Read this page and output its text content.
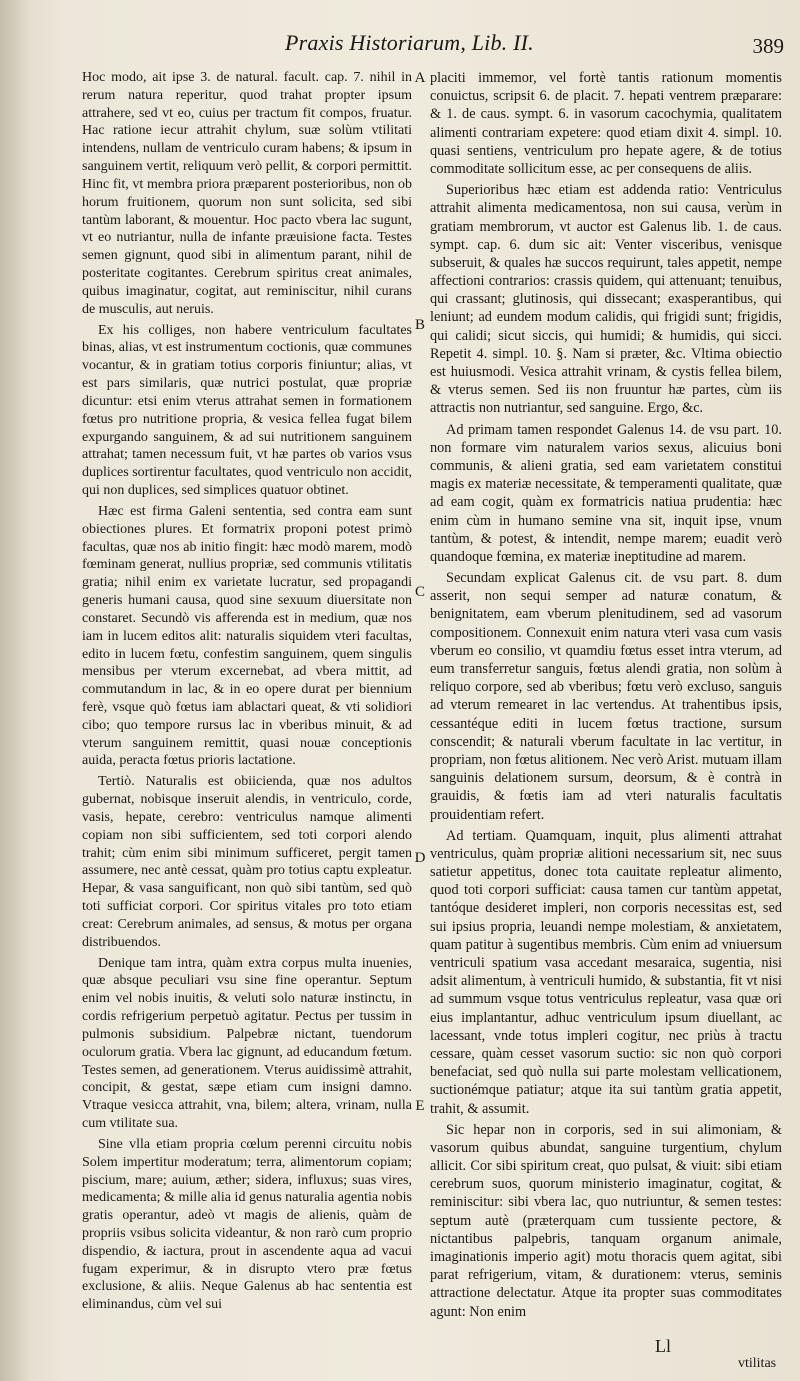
Praxis Historiarum, Lib. II.	389

Hoc modo, ait ipse 3. de natural. facult. cap. 7. nihil in rerum natura reperitur, quod trahat propter ipsum attrahere, sed vt eo, cuius per tractum fit compos, fruatur. Hac ratione iecur attrahit chylum, suæ solùm vtilitati intendens, nullam de ventriculo curam habens; & ipsum in sanguinem vertit, reliquum verò pellit, & corpori permittit. Hinc fit, vt membra priora præparent posterioribus, non ob horum fruitionem, quorum non sunt solicita, sed sibi tantùm laborant, & mouentur. Hoc pacto vbera lac sugunt, vt eo nutriantur, nulla de infante præuisione facta. Testes semen gignunt, quod sibi in alimentum parant, nihil de posteritate cogitantes. Cerebrum spiritus creat animales, quibus imaginatur, cogitat, aut reminiscitur, nihil curans de musculis, aut neruis.

Ex his colliges, non habere ventriculum facultates binas, alias, vt est instrumentum coctionis, quæ communes vocantur, & in gratiam totius corporis finiuntur; alias, vt est pars similaris, quæ nutrici postulat, quæ propriæ dicuntur: etsi enim vterus attrahat semen in formationem fœtus pro nutritione propria, & vesica fellea fugat bilem expurgando sanguinem, & ad sui nutritionem sanguinem attrahat; tamen necessum fuit, vt hæ partes ob varios vsus duplices sortirentur facultates, quod ventriculo non accidit, qui non duplices, sed simplices quatuor obtinet.

Hæc est firma Galeni sententia, sed contra eam sunt obiectiones plures. Et formatrix proponi potest primò facultas, quæ nos ab initio fingit: hæc modò marem, modò fœminam generat, nullius propriæ, sed communis vtilitatis gratia; nihil enim ex varietate lucratur, sed propagandi generis humani causa, quod sine sexuum diuersitate non constaret. Secundò vis afferenda est in medium, quæ nos iam in lucem editos alit: naturalis siquidem vteri facultas, edito in lucem fœtu, confestim sanguinem, quem singulis mensibus per vterum excernebat, ad vbera mittit, ad commutandum in lac, & in eo opere durat per biennium ferè, vsque quò fœtus iam ablactari queat, & vti solidiori cibo; quo tempore rursus lac in vberibus minuit, & ad vterum sanguinem remittit, quasi nouæ conceptionis auida, peracta fœtus prioris lactatione.

Tertiò. Naturalis est obiicienda, quæ nos adultos gubernat, nobisque inseruit alendis, in ventriculo, corde, vasis, hepate, cerebro: ventriculus namque alimenti copiam non sibi sufficientem, sed toti corpori alendo trahit; cùm enim sibi minimum sufficeret, pergit tamen assumere, nec antè cessat, quàm pro totius captu expleatur. Hepar, & vasa sanguificant, non quò sibi tantùm, sed quò toti sufficiat corpori. Cor spiritus vitales pro toto etiam creat: Cerebrum animales, ad sensus, & motus per organa distribuendos.

Denique tam intra, quàm extra corpus multa inuenies, quæ absque peculiari vsu sine fine operantur. Septum enim vel nobis inuitis, & veluti solo naturæ instinctu, in cordis refrigerium perpetuò agitatur. Pectus per tussim in pulmonis subsidium. Palpebræ nictant, tuendorum oculorum gratia. Vbera lac gignunt, ad educandum fœtum. Testes semen, ad generationem. Vterus auidissimè attrahit, concipit, & gestat, sæpe etiam cum insigni damno. Vtraque vesicca attrahit, vna, bilem; altera, vrinam, nulla cum vtilitate sua.

Sine vlla etiam propria cœlum perenni circuitu nobis Solem impertitur moderatum; terra, alimentorum copiam; piscium, mare; auium, æther; sidera, influxus; suas vires, medicamenta; & mille alia id genus naturalia agentia nobis gratis operantur, adeò vt magis de alienis, quàm de propriis vsibus solicita videantur, & non rarò cum proprio dispendio, & iactura, prout in ascendente aqua ad vacui fugam experimur, & in disrupto vtero præ fœtus exclusione, & aliis. Neque Galenus ab hac sententia est eliminandus, cùm vel sui

A
B
C
D
E

placiti immemor, vel fortè tantis rationum momentis conuictus, scripsit 6. de placit. 7. hepati ventrem præparare: & 1. de caus. sympt. 6. in vasorum cacochymia, qualitatem alimenti contrariam expetere: quod etiam dixit 4. simpl. 10. quasi sentiens, ventriculum pro hepate agere, & de totius commoditate sollicitum esse, ac per consequens de aliis.

Superioribus hæc etiam est addenda ratio: Ventriculus attrahit alimenta medicamentosa, non sui causa, verùm in gratiam membrorum, vt auctor est Galenus lib. 1. de caus. sympt. cap. 6. dum sic ait: Venter visceribus, venisque subseruit, & quales hæ succos requirunt, tales appetit, nempe affectioni contrarios: crassis quidem, qui attenuant; tenuibus, qui crassant; glutinosis, qui dissecant; exasperantibus, qui leniunt; ad eundem modum calidis, qui frigidi sunt; frigidis, qui calidi; sicut siccis, qui humidi; & humidis, qui sicci. Repetit 4. simpl. 10. §. Nam si præter, &c. Vltima obiectio est huiusmodi. Vesica attrahit vrinam, & cystis fellea bilem, & vterus semen. Sed iis non fruuntur hæ partes, cùm iis attractis non nutriantur, sed sanguine. Ergo, &c.

Ad primam tamen respondet Galenus 14. de vsu part. 10. non formare vim naturalem varios sexus, alicuius boni communis, & alieni gratia, sed eam varietatem constitui magis ex materiæ necessitate, & temperamenti qualitate, quæ ad eam cogit, quàm ex formatricis natiua prudentia: hæc enim cùm in humano semine vna sit, inquit ipse, vnum tantùm, & potest, & intendit, nempe marem; euadit verò quandoque fœmina, ex materiæ ineptitudine ad marem.

Secundam explicat Galenus cit. de vsu part. 8. dum asserit, non sequi semper ad naturæ conatum, & benignitatem, eam vberum plenitudinem, sed ad vasorum compositionem. Connexuit enim natura vteri vasa cum vasis vberum eo consilio, vt quamdiu fœtus esset intra vterum, ad eum transferretur sanguis, fœtus alendi gratia, non solùm à reliquo corpore, sed ab vberibus; fœtu verò excluso, sanguis ad vterum remearet in lac vertendus. At trahentibus ipsis, cessantéque editi in lucem fœtus tractione, sursum conscendit; & naturali vberum facultate in lac vertitur, in propriam, non fœtus alitionem. Nec verò Arist. mutuam illam sanguinis delationem sursum, deorsum, & è contrà in grauidis, & fœtis iam ad vteri naturalis facultatis prouidentiam refert.

Ad tertiam. Quamquam, inquit, plus alimenti attrahat ventriculus, quàm propriæ alitioni necessarium sit, nec suus satietur appetitus, donec tota cauitate repleatur alimento, quod toti corpori sufficiat: causa tamen cur tantùm appetat, tantóque desideret impleri, non corporis necessitas est, sed sui ipsius propria, leuandi nempe molestiam, & anxietatem, quam patitur à sugentibus membris. Cùm enim ad vniuersum ventriculi spatium vasa accedant mesaraica, sugentia, nisi adsit alimentum, à ventriculi humido, & substantia, fit vt nisi ad summum vsque totus ventriculus repleatur, vasa quæ ori eius implantantur, adhuc ventriculum ipsum diuellant, ac lacessant, vnde totus impleri cogitur, nec priùs à tractu cessare, quàm cesset vasorum suctio: sic non quò corpori benefaciat, sed quò nulla sui parte molestam vellicationem, suctionémque patiatur; atque ita sui tantùm gratia appetit, trahit, & assumit.

Sic hepar non in corporis, sed in sui alimoniam, & vasorum quibus abundat, sanguine turgentium, chylum allicit. Cor sibi spiritum creat, quo pulsat, & viuit: sibi etiam cerebrum suos, quorum ministerio imaginatur, cogitat, & reminiscitur: sibi vbera lac, quo nutriuntur, & semen testes: septum autè (præterquam cum tussiente pectore, & nictantibus palpebris, tanquam organum animale, imaginationis imperio agit) motu thoracis quem agitat, sibi parat refrigerium, vitam, & durationem: vterus, seminis attractione delectatur. Atque ita propter suas commoditates agunt: Non enim

Ll
vtilitas
